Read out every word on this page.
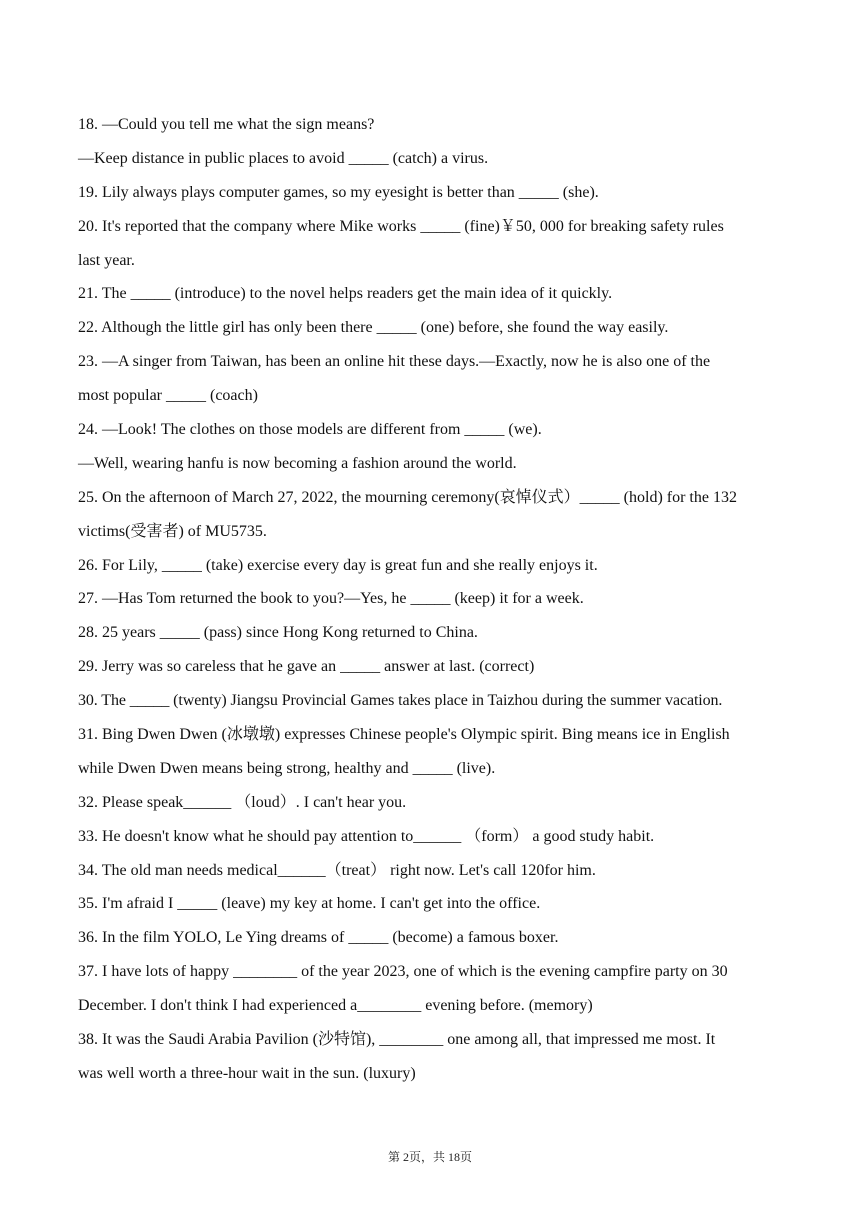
18. —Could you tell me what the sign means?
—Keep distance in public places to avoid _____ (catch) a virus.
19. Lily always plays computer games, so my eyesight is better than _____ (she).
20. It's reported that the company where Mike works _____ (fine)￥50, 000 for breaking safety rules
last year.
21. The _____ (introduce) to the novel helps readers get the main idea of it quickly.
22. Although the little girl has only been there _____ (one) before, she found the way easily.
23. —A singer from Taiwan, has been an online hit these days.—Exactly, now he is also one of the
most popular _____ (coach)
24. —Look! The clothes on those models are different from _____ (we).
—Well, wearing hanfu is now becoming a fashion around the world.
25. On the afternoon of March 27, 2022, the mourning ceremony(哀悼仪式）_____ (hold) for the 132
victims(受害者) of MU5735.
26. For Lily, _____ (take) exercise every day is great fun and she really enjoys it.
27. —Has Tom returned the book to you?—Yes, he _____ (keep) it for a week.
28. 25 years _____ (pass) since Hong Kong returned to China.
29. Jerry was so careless that he gave an _____ answer at last. (correct)
30. The _____ (twenty) Jiangsu Provincial Games takes place in Taizhou during the summer vacation.
31. Bing Dwen Dwen (冰墩墩) expresses Chinese people's Olympic spirit. Bing means ice in English
while Dwen Dwen means being strong, healthy and _____ (live).
32. Please speak______ （loud）. I can't hear you.
33. He doesn't know what he should pay attention to______ （form） a good study habit.
34. The old man needs medical______（treat） right now. Let's call 120for him.
35. I'm afraid I _____ (leave) my key at home. I can't get into the office.
36. In the film YOLO, Le Ying dreams of _____ (become) a famous boxer.
37. I have lots of happy ________ of the year 2023, one of which is the evening campfire party on 30
December. I don't think I had experienced a________ evening before. (memory)
38. It was the Saudi Arabia Pavilion (沙特馆), ________ one among all, that impressed me most. It
was well worth a three-hour wait in the sun. (luxury)
第 2页，共 18页
